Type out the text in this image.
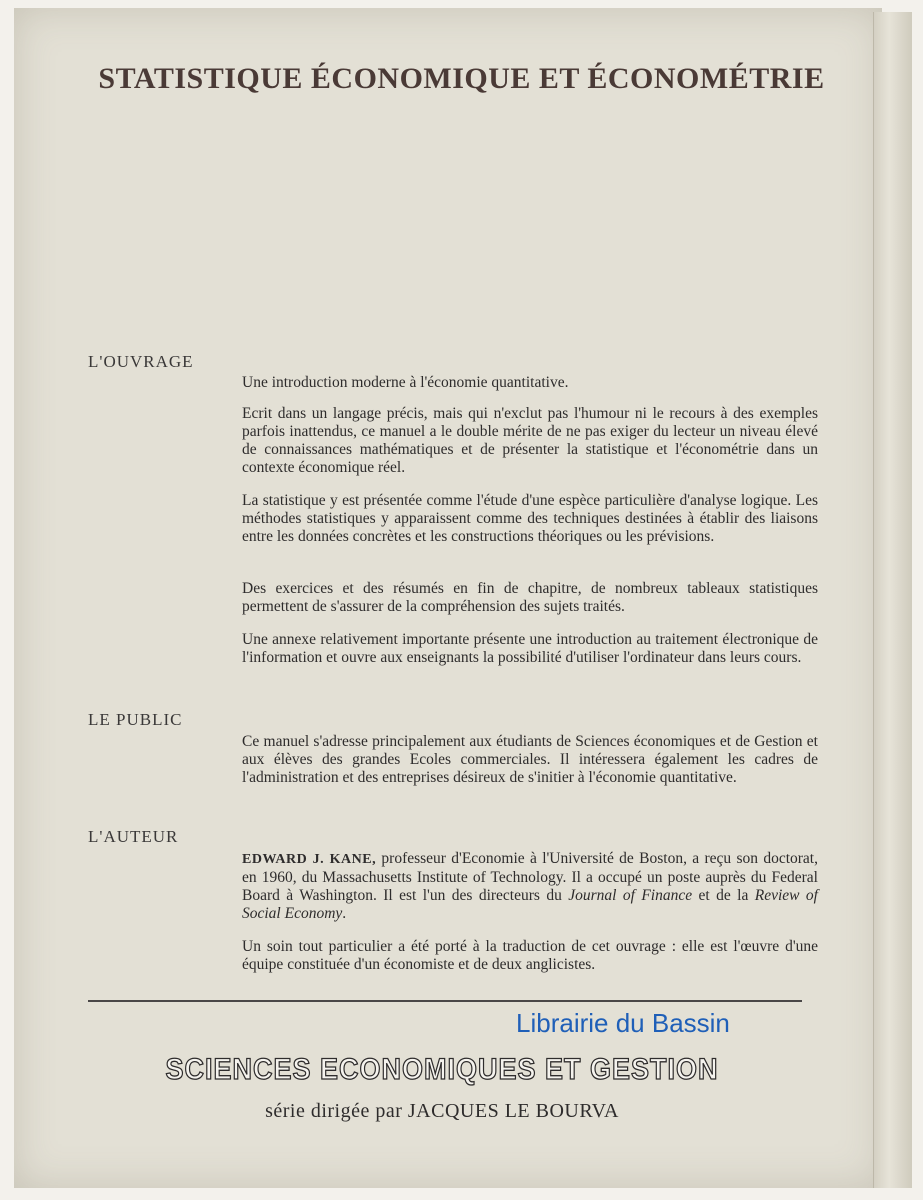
STATISTIQUE ÉCONOMIQUE ET ÉCONOMÉTRIE
L'OUVRAGE

Une introduction moderne à l'économie quantitative.

Ecrit dans un langage précis, mais qui n'exclut pas l'humour ni le recours à des exemples parfois inattendus, ce manuel a le double mérite de ne pas exiger du lecteur un niveau élevé de connaissances mathématiques et de présenter la statistique et l'économétrie dans un contexte économique réel.

La statistique y est présentée comme l'étude d'une espèce particulière d'analyse logique. Les méthodes statistiques y apparaissent comme des techniques destinées à établir des liaisons entre les données concrètes et les constructions théoriques ou les prévisions.

Des exercices et des résumés en fin de chapitre, de nombreux tableaux statistiques permettent de s'assurer de la compréhension des sujets traités.

Une annexe relativement importante présente une introduction au traitement électronique de l'information et ouvre aux enseignants la possibilité d'utiliser l'ordinateur dans leurs cours.

LE PUBLIC

Ce manuel s'adresse principalement aux étudiants de Sciences économiques et de Gestion et aux élèves des grandes Ecoles commerciales. Il intéressera également les cadres de l'administration et des entreprises désireux de s'initier à l'économie quantitative.

L'AUTEUR

EDWARD J. KANE, professeur d'Economie à l'Université de Boston, a reçu son doctorat, en 1960, du Massachusetts Institute of Technology. Il a occupé un poste auprès du Federal Board à Washington. Il est l'un des directeurs du Journal of Finance et de la Review of Social Economy.

Un soin tout particulier a été porté à la traduction de cet ouvrage : elle est l'œuvre d'une équipe constituée d'un économiste et de deux anglicistes.

Librairie du Bassin
SCIENCES ECONOMIQUES ET GESTION
série dirigée par JACQUES LE BOURVA
